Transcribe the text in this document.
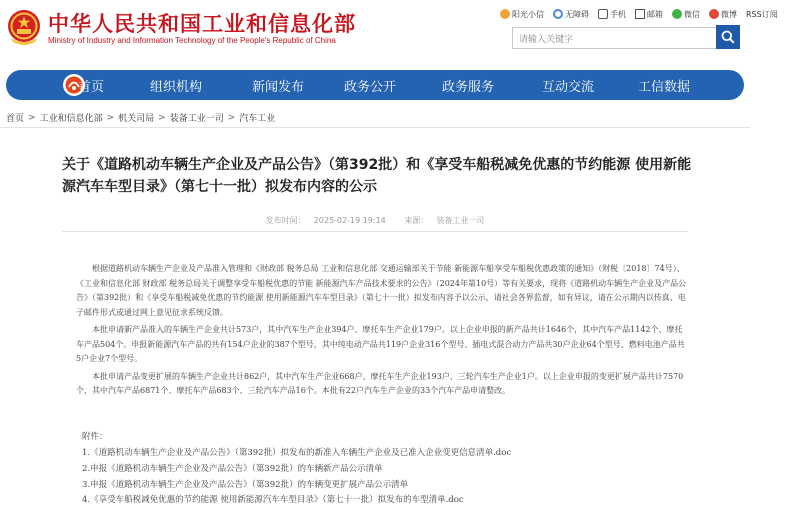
中华人民共和国工业和信息化部
Ministry of Industry and Information Technology of the People's Republic of China
阳光小信	无障碍	手机	邮箱	微信	微博 RSS订阅
请输入关键字
首页	组织机构	新闻发布	政务公开	政务服务	互动交流	工信数据
首页 > 工业和信息化部 > 机关司局 > 装备工业一司 > 汽车工业
关于《道路机动车辆生产企业及产品公告》（第392批）和《享受车船税减免优惠的节约能源 使用新能源汽车车型目录》（第七十一批）拟发布内容的公示
发布时间： 2025-02-19 19:14 来源： 装备工业一司

根据道路机动车辆生产企业及产品准入管理和《财政部 税务总局 工业和信息化部 交通运输部关于节能 新能源车船享受车船税优惠政策的通知》（财税〔2018〕74号）、《工业和信息化部 财政部 税务总局关于调整享受车船税优惠的节能 新能源汽车产品技术要求的公告》（2024年第10号）等有关要求，现将《道路机动车辆生产企业及产品公告》（第392批）和《享受车船税减免优惠的节约能源 使用新能源汽车车型目录》（第七十一批）拟发布内容予以公示，请社会各界监督，如有异议，请在公示期内以传真、电子邮件形式或通过网上意见征求系统反馈。

本批申请新产品准入的车辆生产企业共计573户，其中汽车生产企业394户、摩托车生产企业179户。以上企业申报的新产品共计1646个，其中汽车产品1142个、摩托车产品504个。申报新能源汽车产品的共有154户企业的387个型号，其中纯电动产品共119户企业316个型号、插电式混合动力产品共30户企业64个型号、燃料电池产品共5户企业7个型号。

本批申请产品变更扩展的车辆生产企业共计862户，其中汽车生产企业668户、摩托车生产企业193户、三轮汽车生产企业1户。以上企业申报的变更扩展产品共计7570个，其中汽车产品6871个、摩托车产品683个、三轮汽车产品16个。本批有22户汽车生产企业的33个汽车产品申请整改。

附件：
1.《道路机动车辆生产企业及产品公告》（第392批）拟发布的新准入车辆生产企业及已准入企业变更信息清单.doc
2.申报《道路机动车辆生产企业及产品公告》（第392批）的车辆新产品公示清单
3.申报《道路机动车辆生产企业及产品公告》（第392批）的车辆变更扩展产品公示清单
4.《享受车船税减免优惠的节约能源 使用新能源汽车车型目录》（第七十一批）拟发布的车型清单.doc
